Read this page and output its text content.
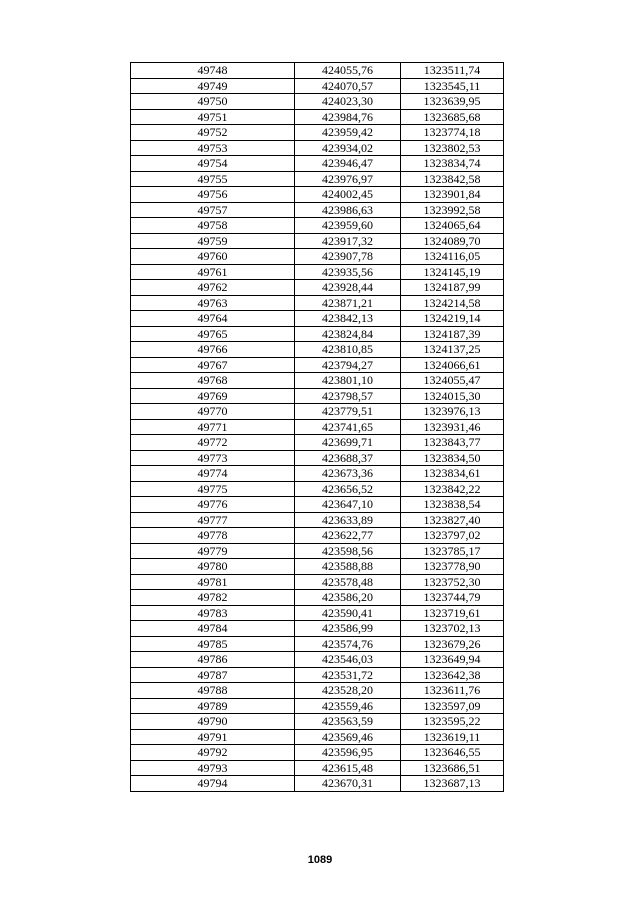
49748	424055,76	1323511,74
49749	424070,57	1323545,11
49750	424023,30	1323639,95
49751	423984,76	1323685,68
49752	423959,42	1323774,18
49753	423934,02	1323802,53
49754	423946,47	1323834,74
49755	423976,97	1323842,58
49756	424002,45	1323901,84
49757	423986,63	1323992,58
49758	423959,60	1324065,64
49759	423917,32	1324089,70
49760	423907,78	1324116,05
49761	423935,56	1324145,19
49762	423928,44	1324187,99
49763	423871,21	1324214,58
49764	423842,13	1324219,14
49765	423824,84	1324187,39
49766	423810,85	1324137,25
49767	423794,27	1324066,61
49768	423801,10	1324055,47
49769	423798,57	1324015,30
49770	423779,51	1323976,13
49771	423741,65	1323931,46
49772	423699,71	1323843,77
49773	423688,37	1323834,50
49774	423673,36	1323834,61
49775	423656,52	1323842,22
49776	423647,10	1323838,54
49777	423633,89	1323827,40
49778	423622,77	1323797,02
49779	423598,56	1323785,17
49780	423588,88	1323778,90
49781	423578,48	1323752,30
49782	423586,20	1323744,79
49783	423590,41	1323719,61
49784	423586,99	1323702,13
49785	423574,76	1323679,26
49786	423546,03	1323649,94
49787	423531,72	1323642,38
49788	423528,20	1323611,76
49789	423559,46	1323597,09
49790	423563,59	1323595,22
49791	423569,46	1323619,11
49792	423596,95	1323646,55
49793	423615,48	1323686,51
49794	423670,31	1323687,13
1089
